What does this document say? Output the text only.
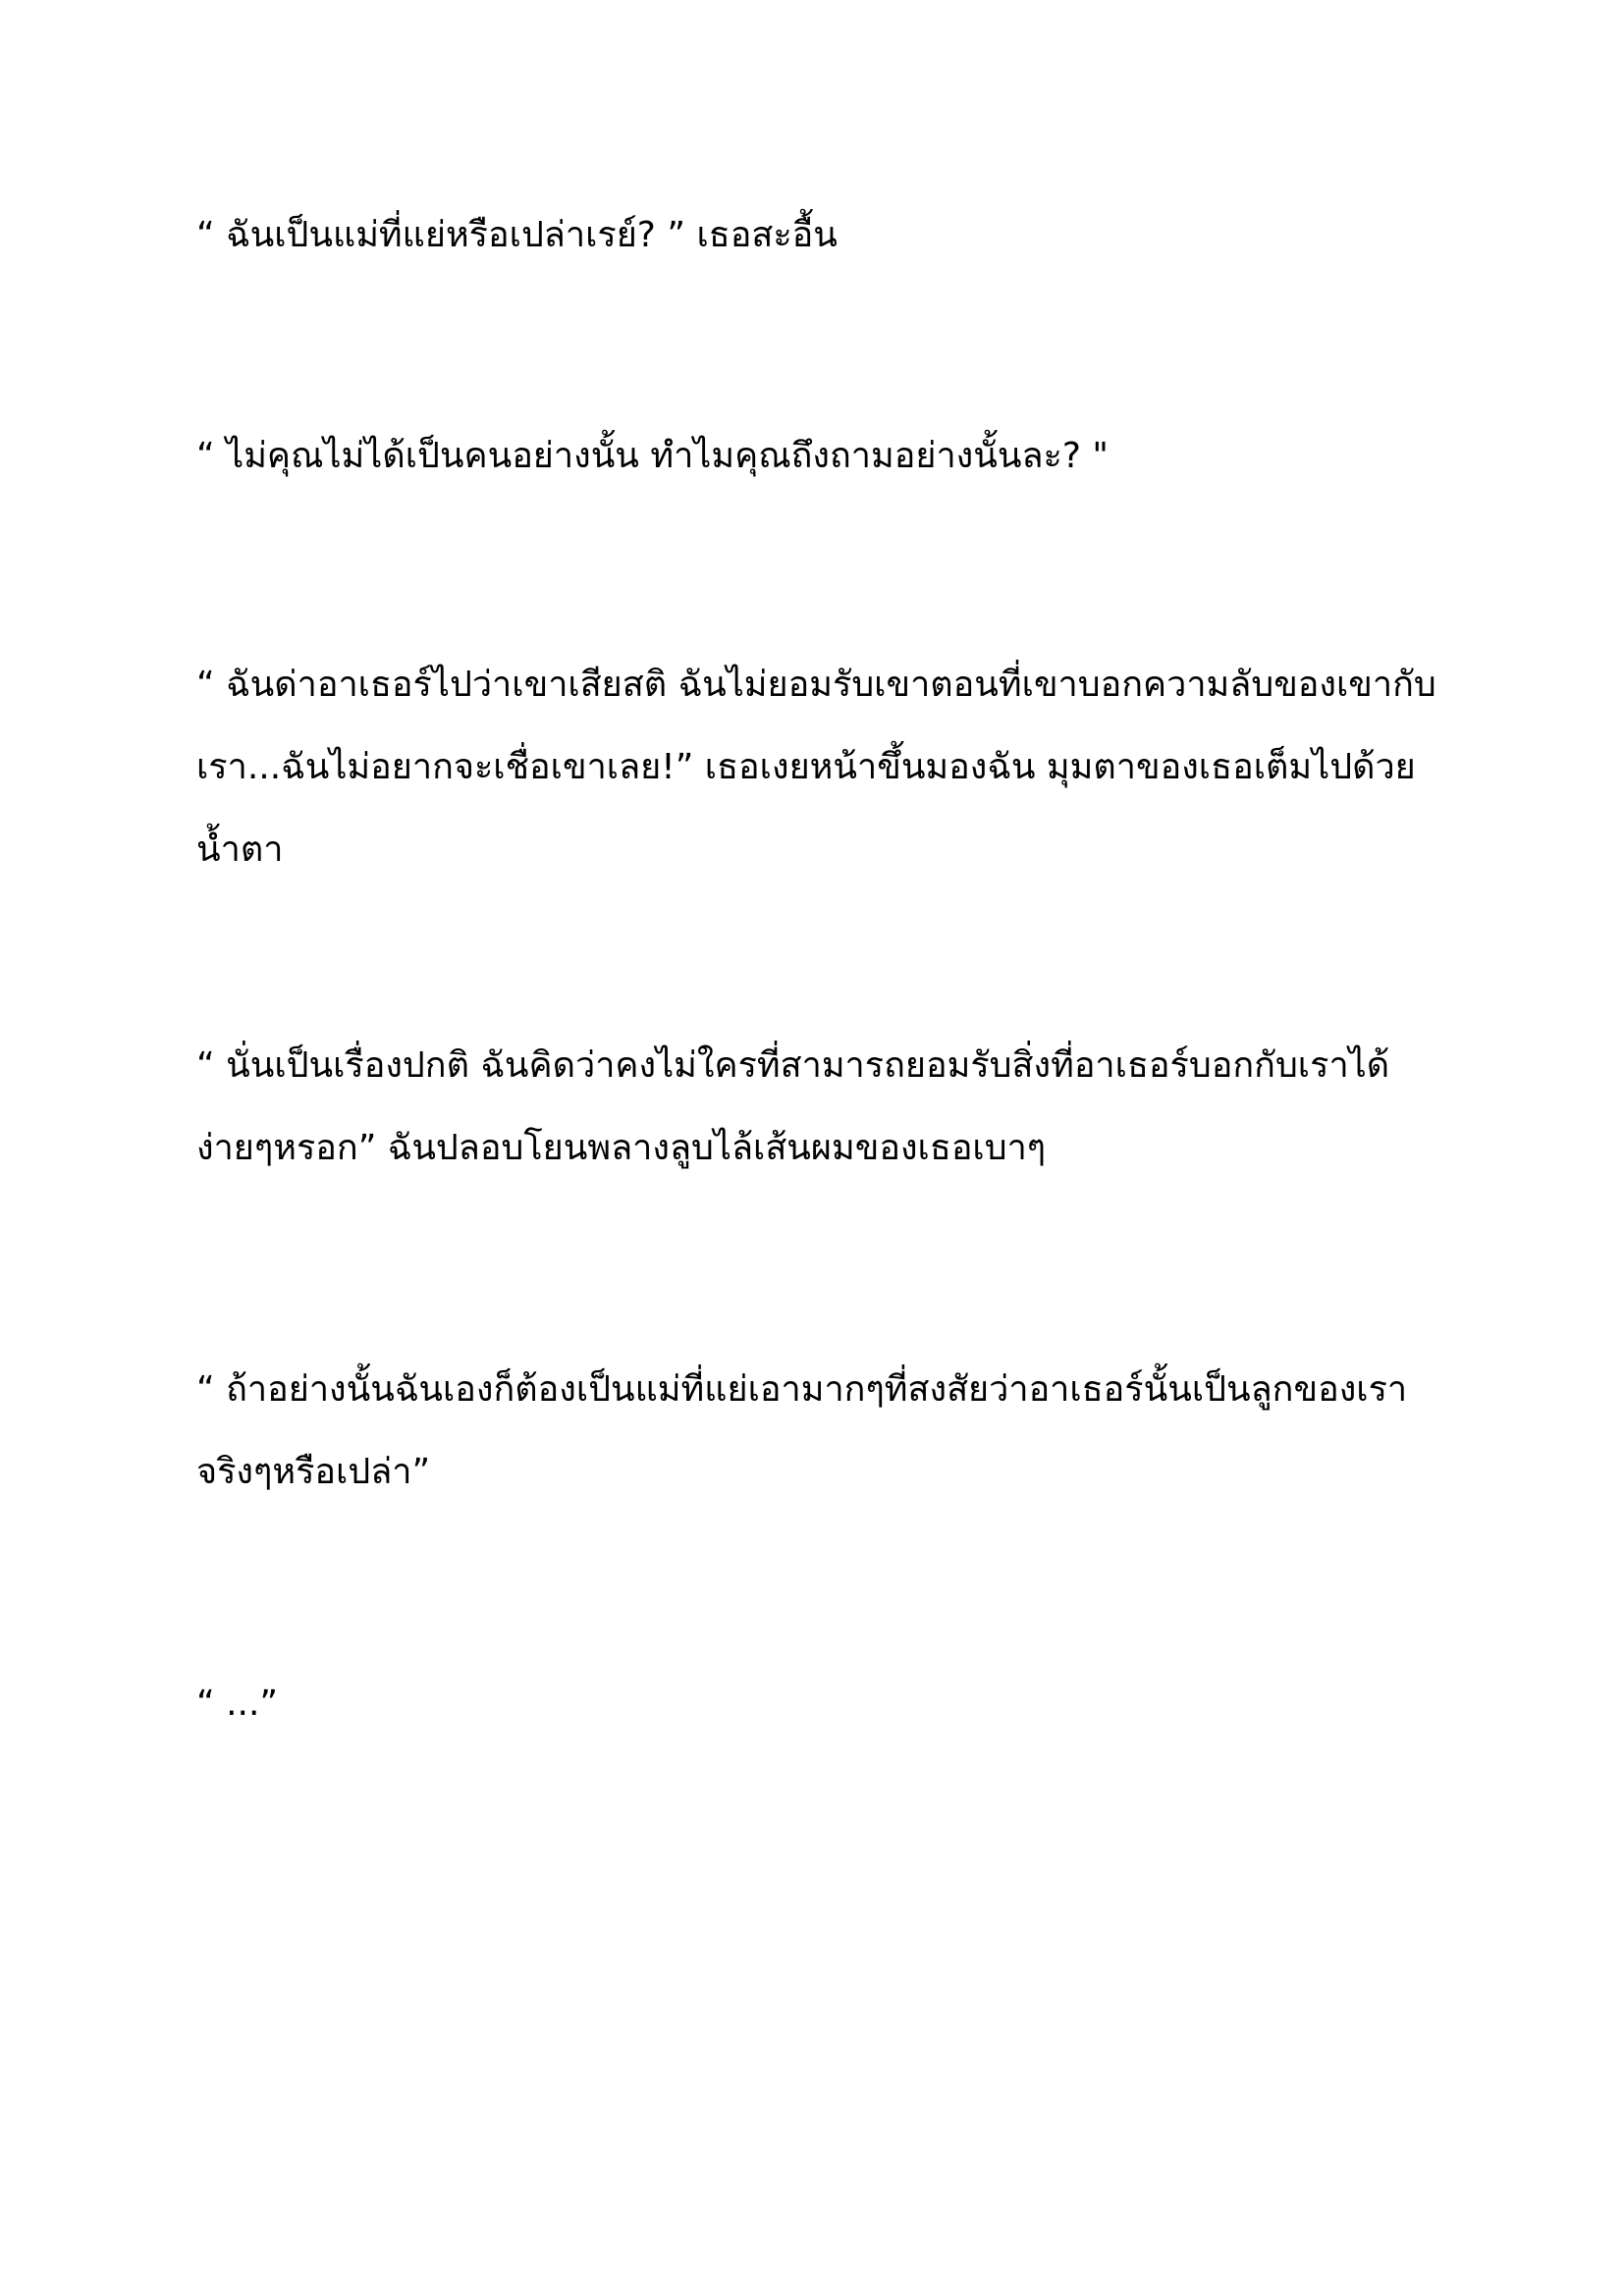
“ ฉันเป็นแม่ที่แย่หรือเปล่าเรย์? ” เธอสะอื้น
“ ไม่คุณไม่ได้เป็นคนอย่างนั้น ทำไมคุณถึงถามอย่างนั้นละ? "
“ ฉันด่าอาเธอร์ไปว่าเขาเสียสติ ฉันไม่ยอมรับเขาตอนที่เขาบอกความลับของเขากับ
เรา...ฉันไม่อยากจะเชื่อเขาเลย!” เธอเงยหน้าขึ้นมองฉัน มุมตาของเธอเต็มไปด้วย
น้ำตา
“ นั่นเป็นเรื่องปกติ ฉันคิดว่าคงไม่ใครที่สามารถยอมรับสิ่งที่อาเธอร์บอกกับเราได้
ง่ายๆหรอก” ฉันปลอบโยนพลางลูบไล้เส้นผมของเธอเบาๆ
“ ถ้าอย่างนั้นฉันเองก็ต้องเป็นแม่ที่แย่เอามากๆที่สงสัยว่าอาเธอร์นั้นเป็นลูกของเรา
จริงๆหรือเปล่า”
“ ...”
